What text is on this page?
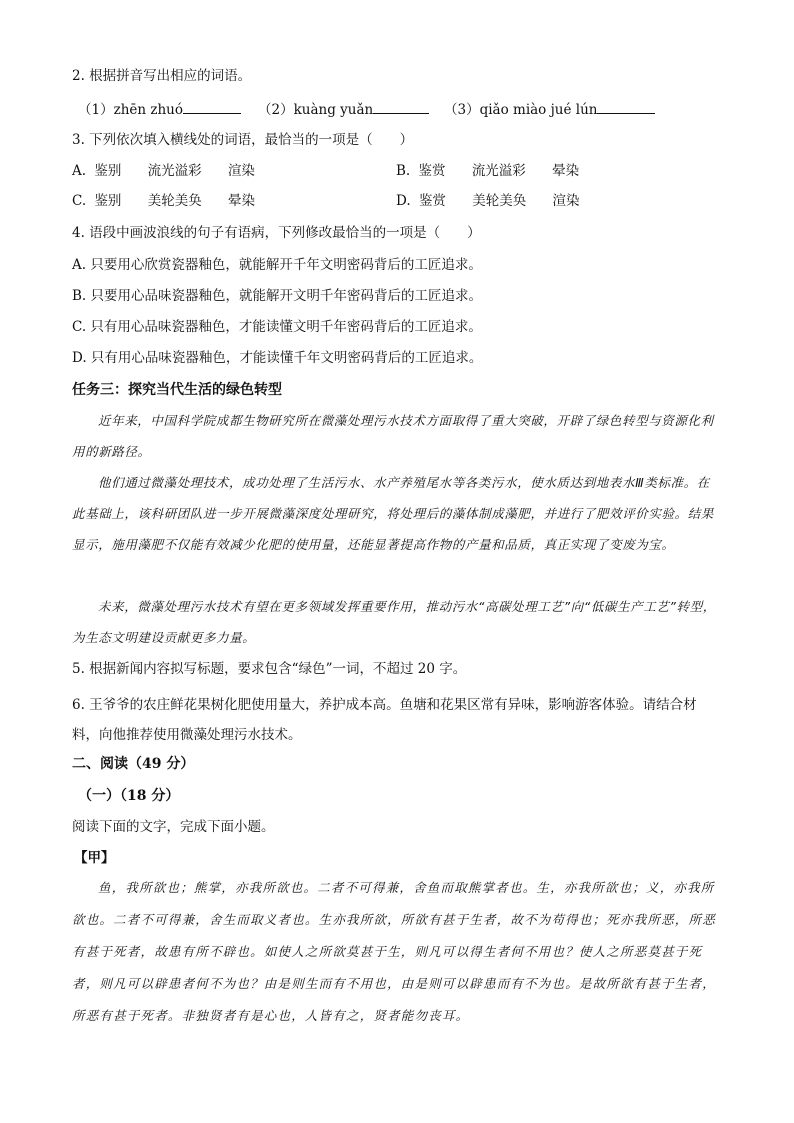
2. 根据拼音写出相应的词语。
（1）zhēn zhuó	（2）kuàng yuǎn	（3）qiǎo miào jué lún
3. 下列依次填入横线处的词语，最恰当的一项是（　　）
A. 鉴别 流光溢彩 渲染	B. 鉴赏 流光溢彩 晕染
C. 鉴别 美轮美奂 晕染	D. 鉴赏 美轮美奂 渲染
4. 语段中画波浪线的句子有语病，下列修改最恰当的一项是（　　）
A. 只要用心欣赏瓷器釉色，就能解开千年文明密码背后的工匠追求。
B. 只要用心品味瓷器釉色，就能解开文明千年密码背后的工匠追求。
C. 只有用心品味瓷器釉色，才能读懂文明千年密码背后的工匠追求。
D. 只有用心品味瓷器釉色，才能读懂千年文明密码背后的工匠追求。
任务三：探究当代生活的绿色转型
近年来，中国科学院成都生物研究所在微藻处理污水技术方面取得了重大突破，开辟了绿色转型与资源化利用的新路径。
他们通过微藻处理技术，成功处理了生活污水、水产养殖尾水等各类污水，使水质达到地表水Ⅲ类标准。在此基础上，该科研团队进一步开展微藻深度处理研究，将处理后的藻体制成藻肥，并进行了肥效评价实验。结果显示，施用藻肥不仅能有效减少化肥的使用量，还能显著提高作物的产量和品质，真正实现了变废为宝。
未来，微藻处理污水技术有望在更多领域发挥重要作用，推动污水“高碳处理工艺”向“低碳生产工艺”转型，为生态文明建设贡献更多力量。
5. 根据新闻内容拟写标题，要求包含“绿色”一词，不超过 20 字。
6. 王爷爷的农庄鲜花果树化肥使用量大，养护成本高。鱼塘和花果区常有异味，影响游客体验。请结合材料，向他推荐使用微藻处理污水技术。
二、阅读（49 分）
（一）（18 分）
阅读下面的文字，完成下面小题。
【甲】
鱼，我所欲也；熊掌，亦我所欲也。二者不可得兼，舍鱼而取熊掌者也。生，亦我所欲也；义，亦我所欲也。二者不可得兼，舍生而取义者也。生亦我所欲，所欲有甚于生者，故不为苟得也；死亦我所恶，所恶有甚于死者，故患有所不辟也。如使人之所欲莫甚于生，则凡可以得生者何不用也？使人之所恶莫甚于死者，则凡可以辟患者何不为也？由是则生而有不用也，由是则可以辟患而有不为也。是故所欲有甚于生者，所恶有甚于死者。非独贤者有是心也，人皆有之，贤者能勿丧耳。
